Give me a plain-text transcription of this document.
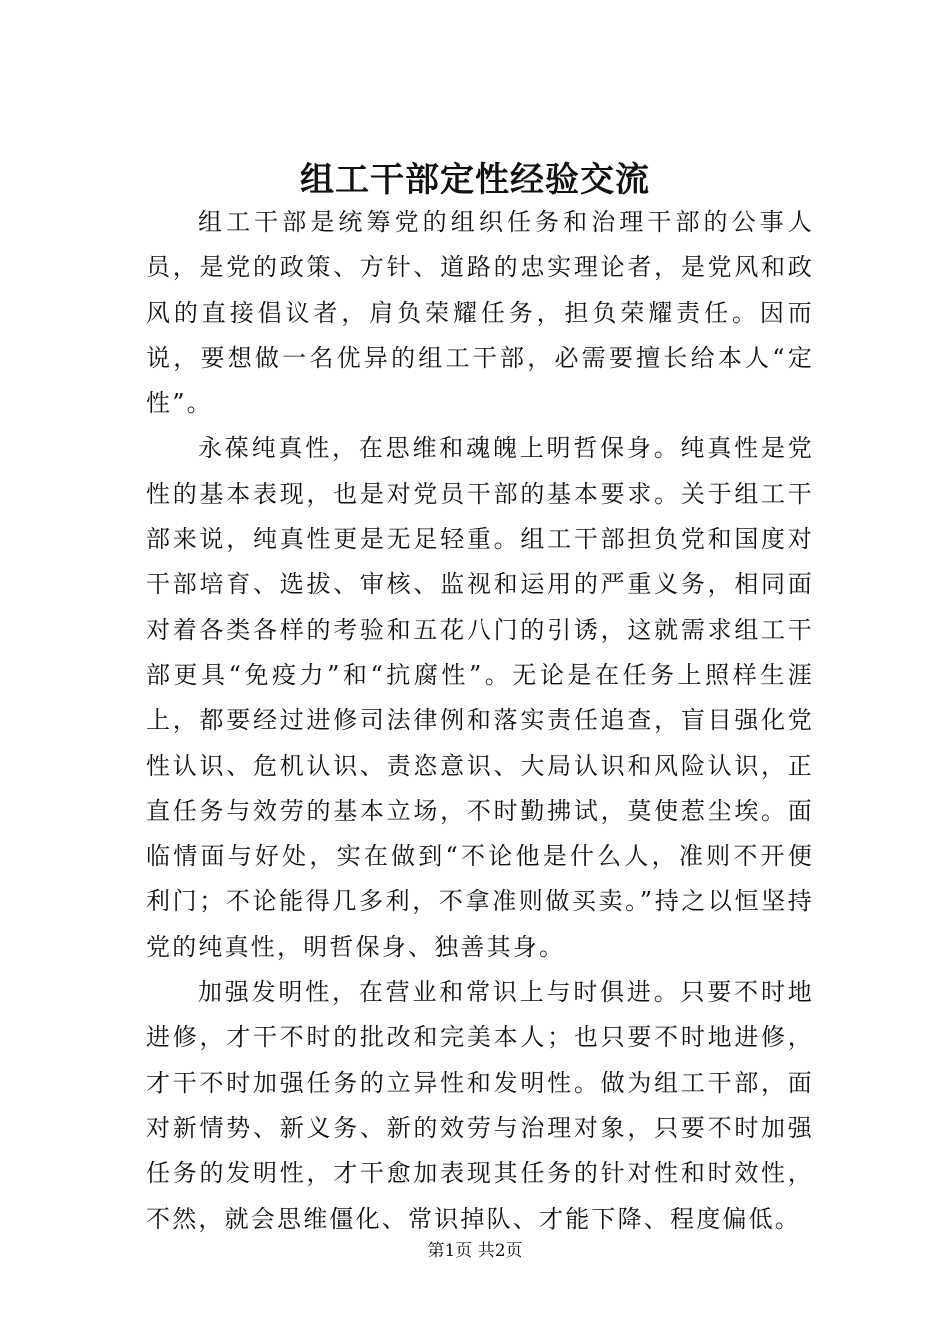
组工干部定性经验交流

组工干部是统筹党的组织任务和治理干部的公事人员，是党的政策、方针、道路的忠实理论者，是党风和政风的直接倡议者，肩负荣耀任务，担负荣耀责任。因而说，要想做一名优异的组工干部，必需要擅长给本人“定性”。

永葆纯真性，在思维和魂魄上明哲保身。纯真性是党性的基本表现，也是对党员干部的基本要求。关于组工干部来说，纯真性更是无足轻重。组工干部担负党和国度对干部培育、选拔、审核、监视和运用的严重义务，相同面对着各类各样的考验和五花八门的引诱，这就需求组工干部更具“免疫力”和“抗腐性”。无论是在任务上照样生涯上，都要经过进修司法律例和落实责任追查，盲目强化党性认识、危机认识、责恣意识、大局认识和风险认识，正直任务与效劳的基本立场，不时勤拂试，莫使惹尘埃。面临情面与好处，实在做到“不论他是什么人，准则不开便利门；不论能得几多利，不拿准则做买卖。”持之以恒坚持党的纯真性，明哲保身、独善其身。

加强发明性，在营业和常识上与时俱进。只要不时地进修，才干不时的批改和完美本人；也只要不时地进修，才干不时加强任务的立异性和发明性。做为组工干部，面对新情势、新义务、新的效劳与治理对象，只要不时加强任务的发明性，才干愈加表现其任务的针对性和时效性，不然，就会思维僵化、常识掉队、才能下降、程度偏低。

第1页 共2页
